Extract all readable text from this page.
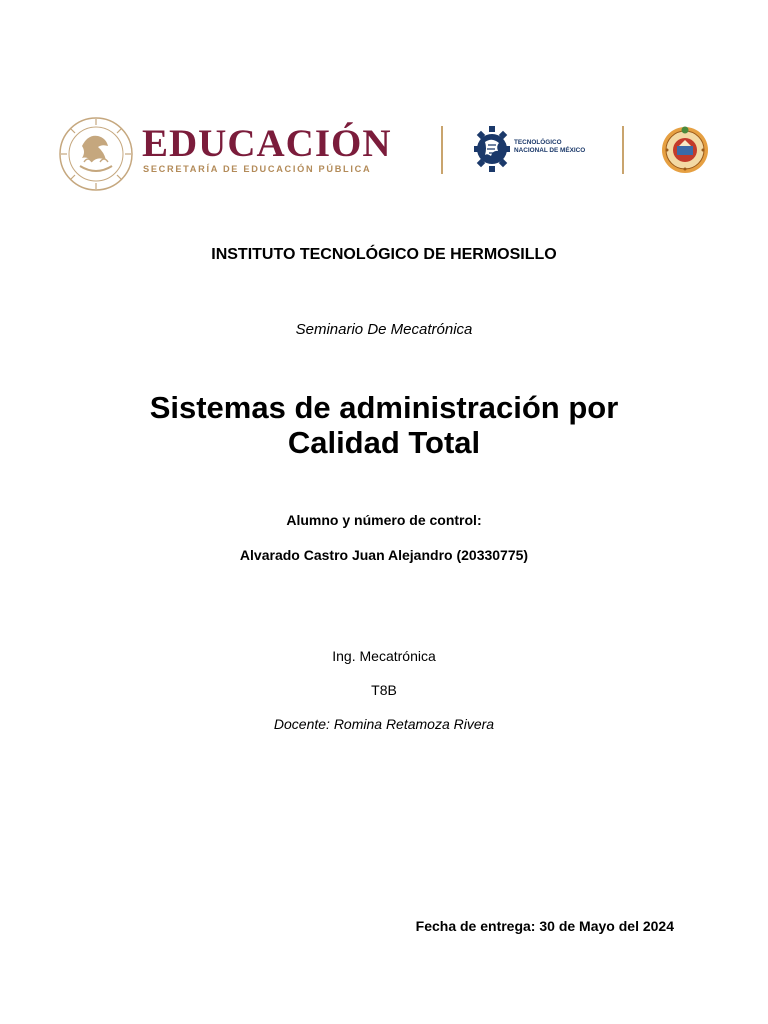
EDUCACIÓN
SECRETARÍA DE EDUCACIÓN PÚBLICA
TECNOLÓGICO
NACIONAL DE MÉXICO
INSTITUTO TECNOLÓGICO DE HERMOSILLO
Seminario De Mecatrónica
Sistemas de administración por
Calidad Total
Alumno y número de control:
Alvarado Castro Juan Alejandro (20330775)
Ing. Mecatrónica
T8B
Docente: Romina Retamoza Rivera
Fecha de entrega: 30 de Mayo del 2024
